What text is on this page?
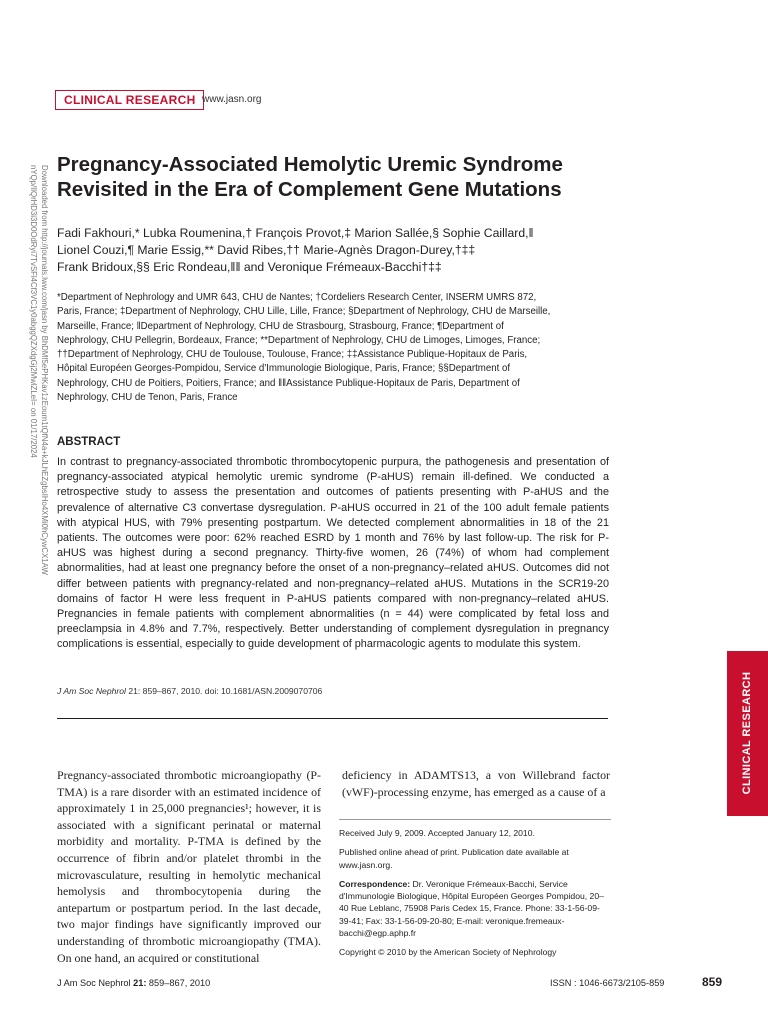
CLINICAL RESEARCH www.jasn.org
Downloaded from http://journals.lww.com/jasn by BhDMf5ePHKav1zEoum1tQfN4a+kJLhEZgbsIHo4XMi0hCywCX1AW nYQp/IlQrHD3i3D0OdRyi7TvSFl4Cf3VC1y0abggQZXdgGj2MwlZLeI= on 01/17/2024
Pregnancy-Associated Hemolytic Uremic Syndrome Revisited in the Era of Complement Gene Mutations
Fadi Fakhouri,* Lubka Roumenina,† François Provot,‡ Marion Sallée,§ Sophie Caillard,‖
Lionel Couzi,¶ Marie Essig,** David Ribes,†† Marie-Agnès Dragon-Durey,†‡‡
Frank Bridoux,§§ Eric Rondeau,‖‖ and Veronique Frémeaux-Bacchi†‡‡
*Department of Nephrology and UMR 643, CHU de Nantes; †Cordeliers Research Center, INSERM UMRS 872,
Paris, France; ‡Department of Nephrology, CHU Lille, Lille, France; §Department of Nephrology, CHU de Marseille,
Marseille, France; ‖Department of Nephrology, CHU de Strasbourg, Strasbourg, France; ¶Department of
Nephrology, CHU Pellegrin, Bordeaux, France; **Department of Nephrology, CHU de Limoges, Limoges, France;
††Department of Nephrology, CHU de Toulouse, Toulouse, France; ‡‡Assistance Publique-Hopitaux de Paris,
Hôpital Européen Georges-Pompidou, Service d'Immunologie Biologique, Paris, France; §§Department of
Nephrology, CHU de Poitiers, Poitiers, France; and ‖‖Assistance Publique-Hopitaux de Paris, Department of
Nephrology, CHU de Tenon, Paris, France
ABSTRACT
In contrast to pregnancy-associated thrombotic thrombocytopenic purpura, the pathogenesis and presentation of pregnancy-associated atypical hemolytic uremic syndrome (P-aHUS) remain ill-defined. We conducted a retrospective study to assess the presentation and outcomes of patients presenting with P-aHUS and the prevalence of alternative C3 convertase dysregulation. P-aHUS occurred in 21 of the 100 adult female patients with atypical HUS, with 79% presenting postpartum. We detected complement abnormalities in 18 of the 21 patients. The outcomes were poor: 62% reached ESRD by 1 month and 76% by last follow-up. The risk for P-aHUS was highest during a second pregnancy. Thirty-five women, 26 (74%) of whom had complement abnormalities, had at least one pregnancy before the onset of a non-pregnancy–related aHUS. Outcomes did not differ between patients with pregnancy-related and non-pregnancy–related aHUS. Mutations in the SCR19-20 domains of factor H were less frequent in P-aHUS patients compared with non-pregnancy–related aHUS. Pregnancies in female patients with complement abnormalities (n = 44) were complicated by fetal loss and preeclampsia in 4.8% and 7.7%, respectively. Better understanding of complement dysregulation in pregnancy complications is essential, especially to guide development of pharmacologic agents to modulate this system.
J Am Soc Nephrol 21: 859–867, 2010. doi: 10.1681/ASN.2009070706
Pregnancy-associated thrombotic microangiopathy (P-TMA) is a rare disorder with an estimated incidence of approximately 1 in 25,000 pregnancies¹; however, it is associated with a significant perinatal or maternal morbidity and mortality. P-TMA is defined by the occurrence of fibrin and/or platelet thrombi in the microvasculature, resulting in hemolytic mechanical hemolysis and thrombocytopenia during the antepartum or postpartum period. In the last decade, two major findings have significantly improved our understanding of thrombotic microangiopathy (TMA). On one hand, an acquired or constitutional
deficiency in ADAMTS13, a von Willebrand factor (vWF)-processing enzyme, has emerged as a cause of a

Received July 9, 2009. Accepted January 12, 2010.

Published online ahead of print. Publication date available at www.jasn.org.

Correspondence: Dr. Veronique Frémeaux-Bacchi, Service d'Immunologie Biologique, Hôpital Européen Georges Pompidou, 20–40 Rue Leblanc, 75908 Paris Cedex 15, France. Phone: 33-1-56-09-39-41; Fax: 33-1-56-09-20-80; E-mail: veronique.fremeaux-bacchi@egp.aphp.fr

Copyright © 2010 by the American Society of Nephrology

CLINICAL RESEARCH
J Am Soc Nephrol 21: 859–867, 2010	ISSN : 1046-6673/2105-859	859
